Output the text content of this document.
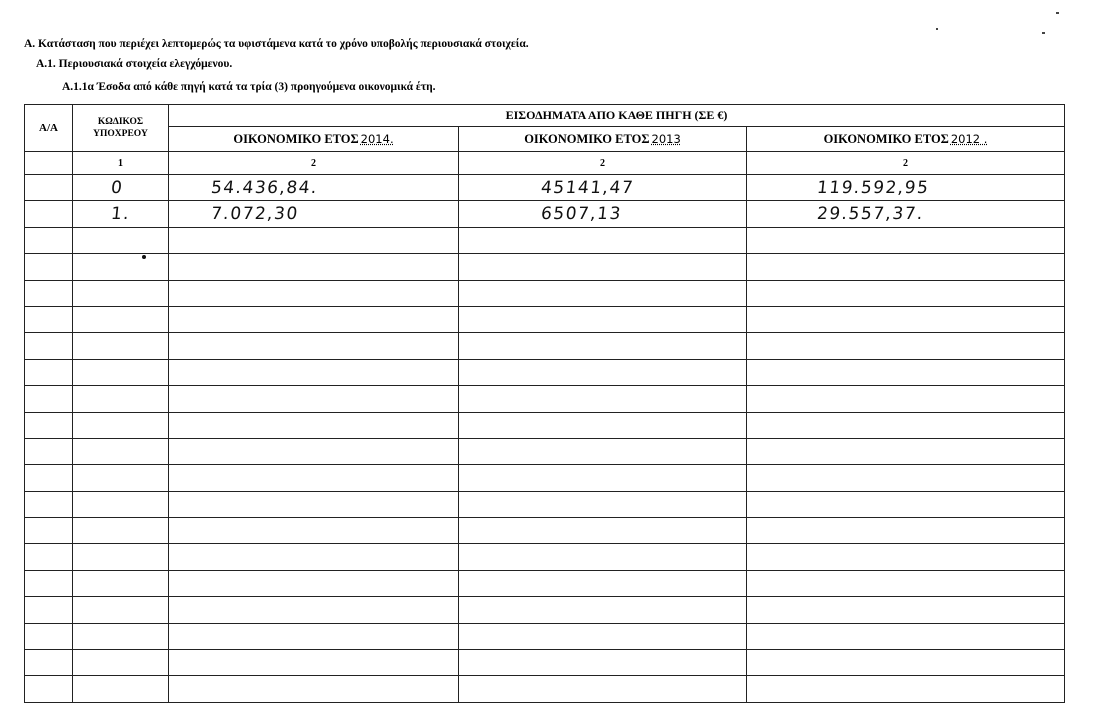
Α. Κατάσταση που περιέχει λεπτομερώς τα υφιστάμενα κατά το χρόνο υποβολής περιουσιακά στοιχεία.
Α.1. Περιουσιακά στοιχεία ελεγχόμενου.
Α.1.1α Έσοδα από κάθε πηγή κατά τα τρία (3) προηγούμενα οικονομικά έτη.
Α/Α	ΚΩΔΙΚΟΣ ΥΠΟΧΡΕΟΥ	ΕΙΣΟΔΗΜΑΤΑ ΑΠΟ ΚΑΘΕ ΠΗΓΗ (ΣΕ €)		
		ΟΙΚΟΝΟΜΙΚΟ ΕΤΟΣ 2014.	ΟΙΚΟΝΟΜΙΚΟ ΕΤΟΣ 2013	ΟΙΚΟΝΟΜΙΚΟ ΕΤΟΣ 2012 .
	1	2	2	2
	0	54.436,84.	45141,47	119.592,95
	1.	7.072,30	6507,13	29.557,37.
